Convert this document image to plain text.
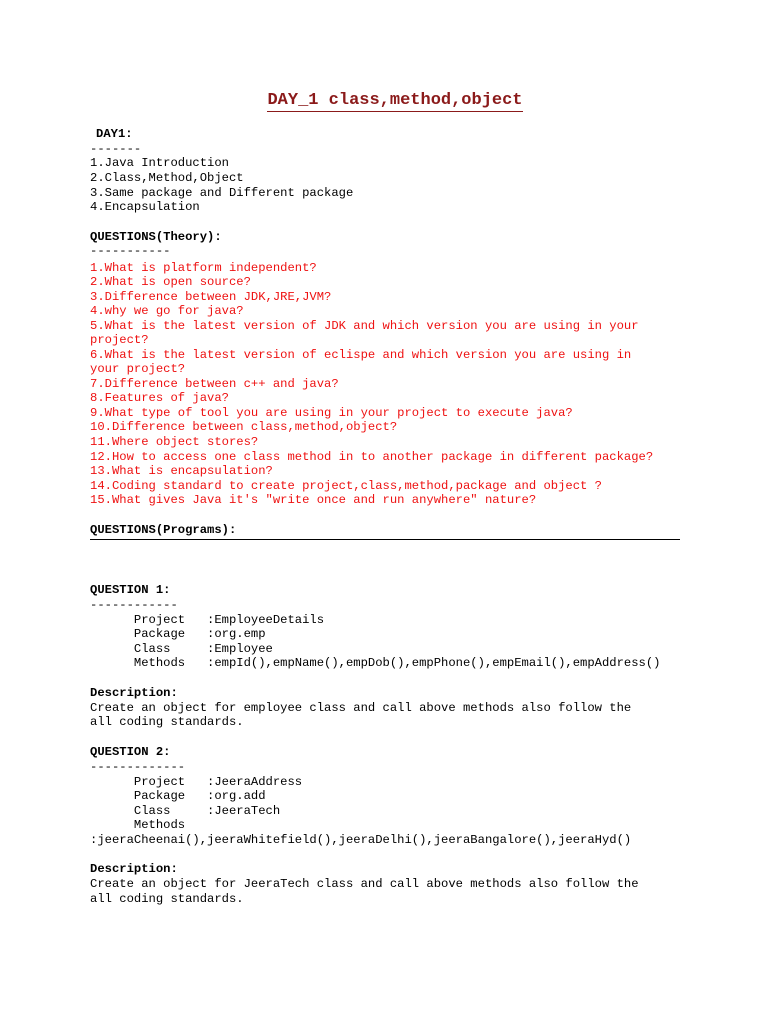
DAY_1 class,method,object
DAY1:
-------
1.Java Introduction
2.Class,Method,Object
3.Same package and Different package
4.Encapsulation
QUESTIONS(Theory):
-----------
1.What is platform independent?
2.What is open source?
3.Difference between JDK,JRE,JVM?
4.why we go for java?
5.What is the latest version of JDK and which version you are using in your
project?
6.What is the latest version of eclispe and which version you are using in
your project?
7.Difference between c++ and java?
8.Features of java?
9.What type of tool you are using in your project to execute java?
10.Difference between class,method,object?
11.Where object stores?
12.How to access one class method in to another package in different package?
13.What is encapsulation?
14.Coding standard to create project,class,method,package and object ?
15.What gives Java it's "write once and run anywhere" nature?
QUESTIONS(Programs):
QUESTION 1:
------------
Project   :EmployeeDetails
Package   :org.emp
Class     :Employee
Methods   :empId(),empName(),empDob(),empPhone(),empEmail(),empAddress()
Description:
Create an object for employee class and call above methods also follow the
all coding standards.
QUESTION 2:
-------------
Project   :JeeraAddress
Package   :org.add
Class     :JeeraTech
Methods
:jeeraCheenai(),jeeraWhitefield(),jeeraDelhi(),jeeraBangalore(),jeeraHyd()
Description:
Create an object for JeeraTech class and call above methods also follow the
all coding standards.
